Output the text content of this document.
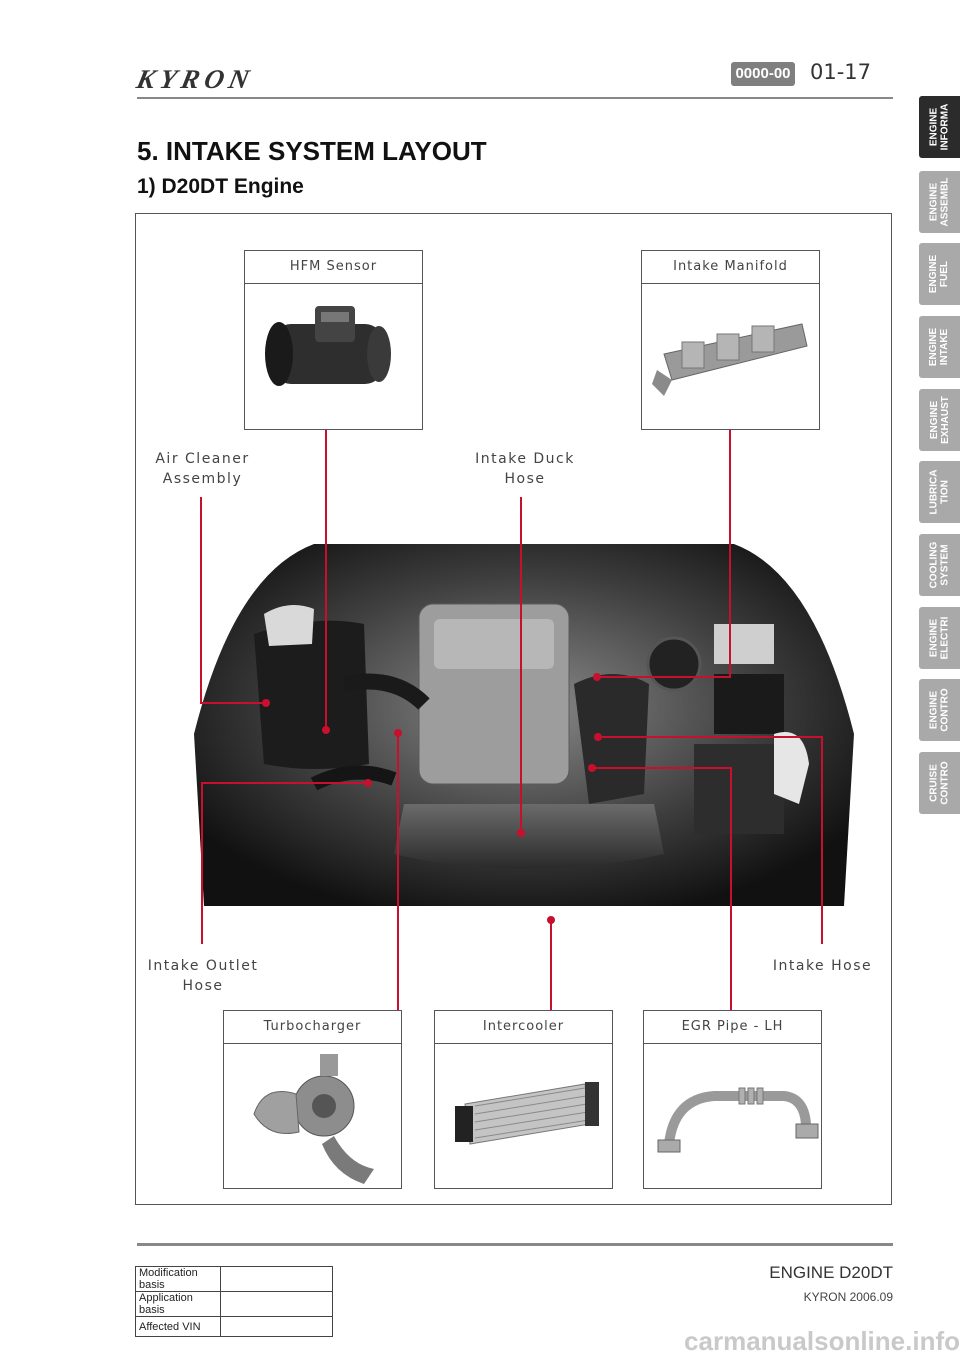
KYRON	0000-00 01-17
ENGINE
INFORMA
ENGINE
ASSEMBL
ENGINE
FUEL
ENGINE
INTAKE
ENGINE
EXHAUST
LUBRICA
TION
COOLING
SYSTEM
ENGINE
ELECTRI
ENGINE
CONTRO
CRUISE
CONTRO
5. INTAKE SYSTEM LAYOUT
1) D20DT Engine
Air Cleaner
Assembly
Intake Duck
Hose
Intake Outlet
Hose
Intake Hose
HFM Sensor	Intake Manifold
Turbocharger	Intercooler	EGR Pipe - LH
ENGINE D20DT
KYRON 2006.09
Modification basis	
Application basis	
Affected VIN		carmanualsonline.info
